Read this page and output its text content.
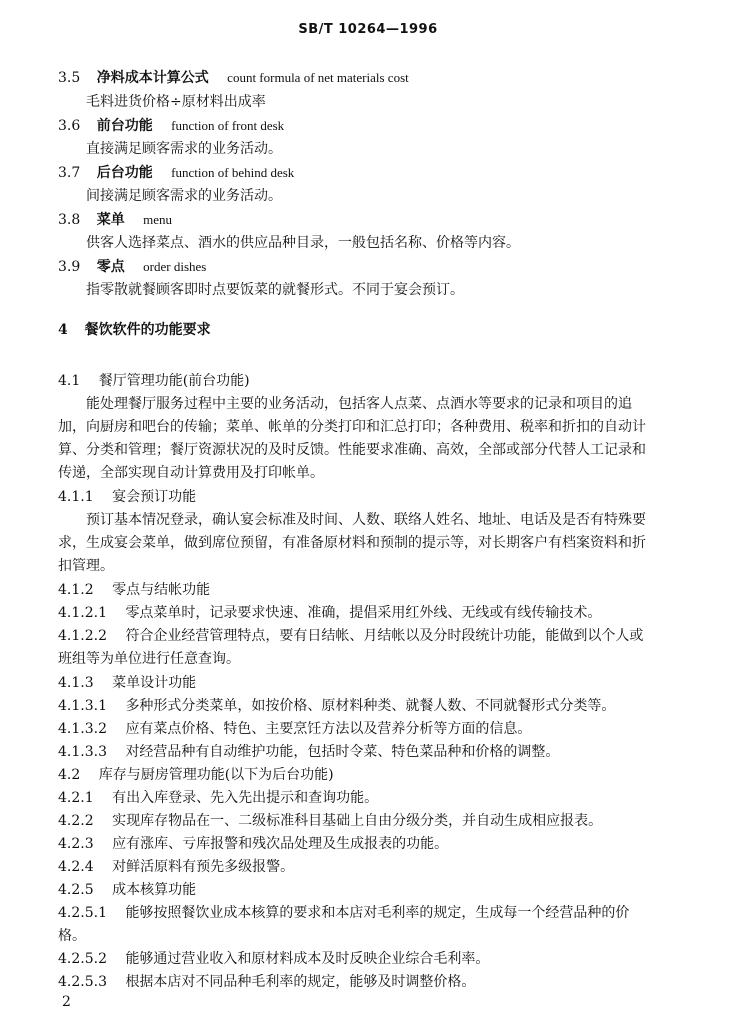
SB/T 10264—1996
3.5 净料成本计算公式 count formula of net materials cost
毛料进货价格÷原材料出成率
3.6 前台功能 function of front desk
直接满足顾客需求的业务活动。
3.7 后台功能 function of behind desk
间接满足顾客需求的业务活动。
3.8 菜单 menu
供客人选择菜点、酒水的供应品种目录，一般包括名称、价格等内容。
3.9 零点 order dishes
指零散就餐顾客即时点要饭菜的就餐形式。不同于宴会预订。
4 餐饮软件的功能要求
4.1 餐厅管理功能(前台功能)
能处理餐厅服务过程中主要的业务活动，包括客人点菜、点酒水等要求的记录和项目的追
加，向厨房和吧台的传输；菜单、帐单的分类打印和汇总打印；各种费用、税率和折扣的自动计
算、分类和管理；餐厅资源状况的及时反馈。性能要求准确、高效，全部或部分代替人工记录和
传递，全部实现自动计算费用及打印帐单。
4.1.1 宴会预订功能
预订基本情况登录，确认宴会标准及时间、人数、联络人姓名、地址、电话及是否有特殊要
求，生成宴会菜单，做到席位预留，有准备原材料和预制的提示等，对长期客户有档案资料和折
扣管理。
4.1.2 零点与结帐功能
4.1.2.1 零点菜单时，记录要求快速、准确，提倡采用红外线、无线或有线传输技术。
4.1.2.2 符合企业经营管理特点，要有日结帐、月结帐以及分时段统计功能，能做到以个人或
班组等为单位进行任意查询。
4.1.3 菜单设计功能
4.1.3.1 多种形式分类菜单，如按价格、原材料种类、就餐人数、不同就餐形式分类等。
4.1.3.2 应有菜点价格、特色、主要烹饪方法以及营养分析等方面的信息。
4.1.3.3 对经营品种有自动维护功能，包括时令菜、特色菜品种和价格的调整。
4.2 库存与厨房管理功能(以下为后台功能)
4.2.1 有出入库登录、先入先出提示和查询功能。
4.2.2 实现库存物品在一、二级标准科目基础上自由分级分类，并自动生成相应报表。
4.2.3 应有涨库、亏库报警和残次品处理及生成报表的功能。
4.2.4 对鲜活原料有预先多级报警。
4.2.5 成本核算功能
4.2.5.1 能够按照餐饮业成本核算的要求和本店对毛利率的规定，生成每一个经营品种的价
格。
4.2.5.2 能够通过营业收入和原材料成本及时反映企业综合毛利率。
4.2.5.3 根据本店对不同品种毛利率的规定，能够及时调整价格。
2
